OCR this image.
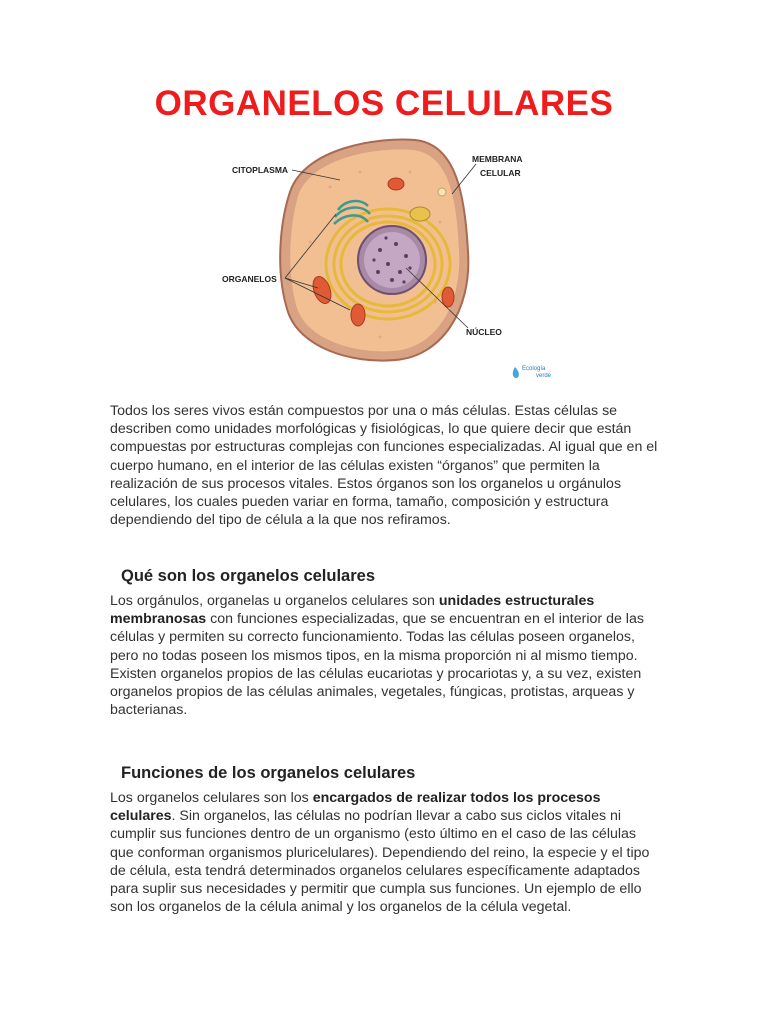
ORGANELOS CELULARES
CITOPLASMA
MEMBRANA
CELULAR
ORGANELOS
NÚCLEO
Ecología
verde

Todos los seres vivos están compuestos por una o más células. Estas células se describen como unidades morfológicas y fisiológicas, lo que quiere decir que están compuestas por estructuras complejas con funciones especializadas. Al igual que en el cuerpo humano, en el interior de las células existen “órganos” que permiten la realización de sus procesos vitales. Estos órganos son los organelos u orgánulos celulares, los cuales pueden variar en forma, tamaño, composición y estructura dependiendo del tipo de célula a la que nos refiramos.

Qué son los organelos celulares

Los orgánulos, organelas u organelos celulares son unidades estructurales membranosas con funciones especializadas, que se encuentran en el interior de las células y permiten su correcto funcionamiento. Todas las células poseen organelos, pero no todas poseen los mismos tipos, en la misma proporción ni al mismo tiempo. Existen organelos propios de las células eucariotas y procariotas y, a su vez, existen organelos propios de las células animales, vegetales, fúngicas, protistas, arqueas y bacterianas.

Funciones de los organelos celulares

Los organelos celulares son los encargados de realizar todos los procesos celulares. Sin organelos, las células no podrían llevar a cabo sus ciclos vitales ni cumplir sus funciones dentro de un organismo (esto último en el caso de las células que conforman organismos pluricelulares). Dependiendo del reino, la especie y el tipo de célula, esta tendrá determinados organelos celulares específicamente adaptados para suplir sus necesidades y permitir que cumpla sus funciones. Un ejemplo de ello son los organelos de la célula animal y los organelos de la célula vegetal.
